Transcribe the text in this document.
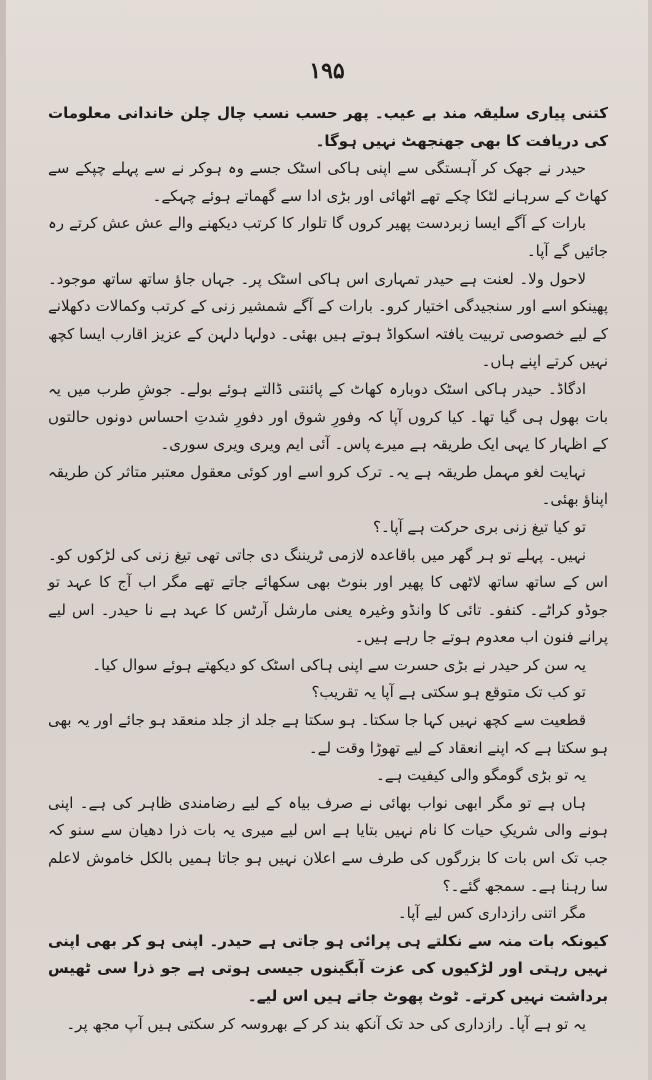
۱۹۵

کتنی پیاری سلیقہ مند بے عیب۔ پھر حسب نسب چال چلن خاندانی معلومات کی دریافت کا بھی جھنجھٹ نہیں ہوگا۔

حیدر نے جھک کر آہستگی سے اپنی ہاکی اسٹک جسے وہ ہوکر نے سے پہلے چپکے سے کھاٹ کے سرہانے لٹکا چکے تھے اٹھائی اور بڑی ادا سے گھماتے ہوئے چہکے۔

بارات کے آگے ایسا زبردست پھیر کروں گا تلوار کا کرتب دیکھنے والے عش عش کرتے رہ جائیں گے آپا۔

لاحول ولا۔ لعنت ہے حیدر تمہاری اس ہاکی اسٹک پر۔ جہاں جاؤ ساتھ ساتھ موجود۔ پھینکو اسے اور سنجیدگی اختیار کرو۔ بارات کے آگے شمشیر زنی کے کرتب وکمالات دکھلانے کے لیے خصوصی تربیت یافتہ اسکواڈ ہوتے ہیں بھئی۔ دولہا دلہن کے عزیز اقارب ایسا کچھ نہیں کرتے اپنے ہاں۔

ادگاڈ۔ حیدر ہاکی اسٹک دوبارہ کھاٹ کے پائنتی ڈالتے ہوئے بولے۔ جوشِ طرب میں یہ بات بھول ہی گیا تھا۔ کیا کروں آپا کہ وفورِ شوق اور دفورِ شدتِ احساس دونوں حالتوں کے اظہار کا یہی ایک طریقہ ہے میرے پاس۔ آئی ایم ویری ویری سوری۔

نہایت لغو مہمل طریقہ ہے یہ۔ ترک کرو اسے اور کوئی معقول معتبر متاثر کن طریقہ اپناؤ بھئی۔

تو کیا تیغ زنی بری حرکت ہے آپا۔؟

نہیں۔ پہلے تو ہر گھر میں باقاعدہ لازمی ٹریننگ دی جاتی تھی تیغ زنی کی لڑکوں کو۔ اس کے ساتھ ساتھ لاٹھی کا پھیر اور بنوٹ بھی سکھائے جاتے تھے مگر اب آج کا عہد تو جوڈو کراٹے۔ کنفو۔ تائی کا وانڈو وغیرہ یعنی مارشل آرٹس کا عہد ہے نا حیدر۔ اس لیے پرانے فنون اب معدوم ہوتے جا رہے ہیں۔

یہ سن کر حیدر نے بڑی حسرت سے اپنی ہاکی اسٹک کو دیکھتے ہوئے سوال کیا۔

تو کب تک متوقع ہو سکتی ہے آپا یہ تقریب؟

قطعیت سے کچھ نہیں کہا جا سکتا۔ ہو سکتا ہے جلد از جلد منعقد ہو جائے اور یہ بھی ہو سکتا ہے کہ اپنے انعقاد کے لیے تھوڑا وقت لے۔

یہ تو بڑی گومگو والی کیفیت ہے۔

ہاں ہے تو مگر ابھی نواب بھائی نے صرف بیاہ کے لیے رضامندی ظاہر کی ہے۔ اپنی ہونے والی شریکِ حیات کا نام نہیں بتایا ہے اس لیے میری یہ بات ذرا دھیان سے سنو کہ جب تک اس بات کا بزرگوں کی طرف سے اعلان نہیں ہو جاتا ہمیں بالکل خاموش لاعلم سا رہنا ہے۔ سمجھ گئے۔؟

مگر اتنی رازداری کس لیے آپا۔

کیونکہ بات منہ سے نکلتے ہی پرائی ہو جاتی ہے حیدر۔ اپنی ہو کر بھی اپنی نہیں رہتی اور لڑکیوں کی عزت آبگینوں جیسی ہوتی ہے جو ذرا سی ٹھیس برداشت نہیں کرتے۔ ٹوٹ پھوٹ جاتے ہیں اس لیے۔

یہ تو ہے آپا۔ رازداری کی حد تک آنکھ بند کر کے بھروسہ کر سکتی ہیں آپ مجھ پر۔
